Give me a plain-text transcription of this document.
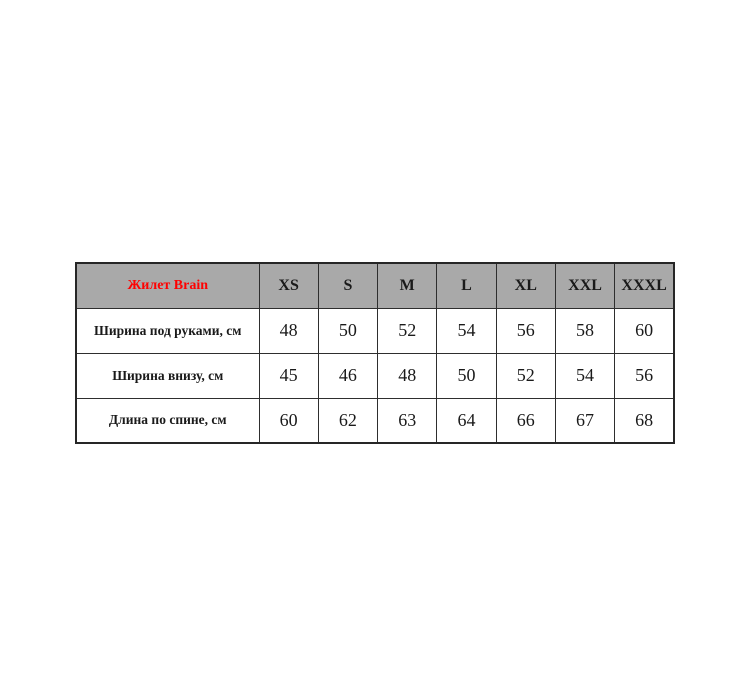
Жилет Brain	XS	S	M	L	XL	XXL	XXXL
Ширина под руками, см	48	50	52	54	56	58	60
Ширина внизу, см	45	46	48	50	52	54	56
Длина по спине, см	60	62	63	64	66	67	68
